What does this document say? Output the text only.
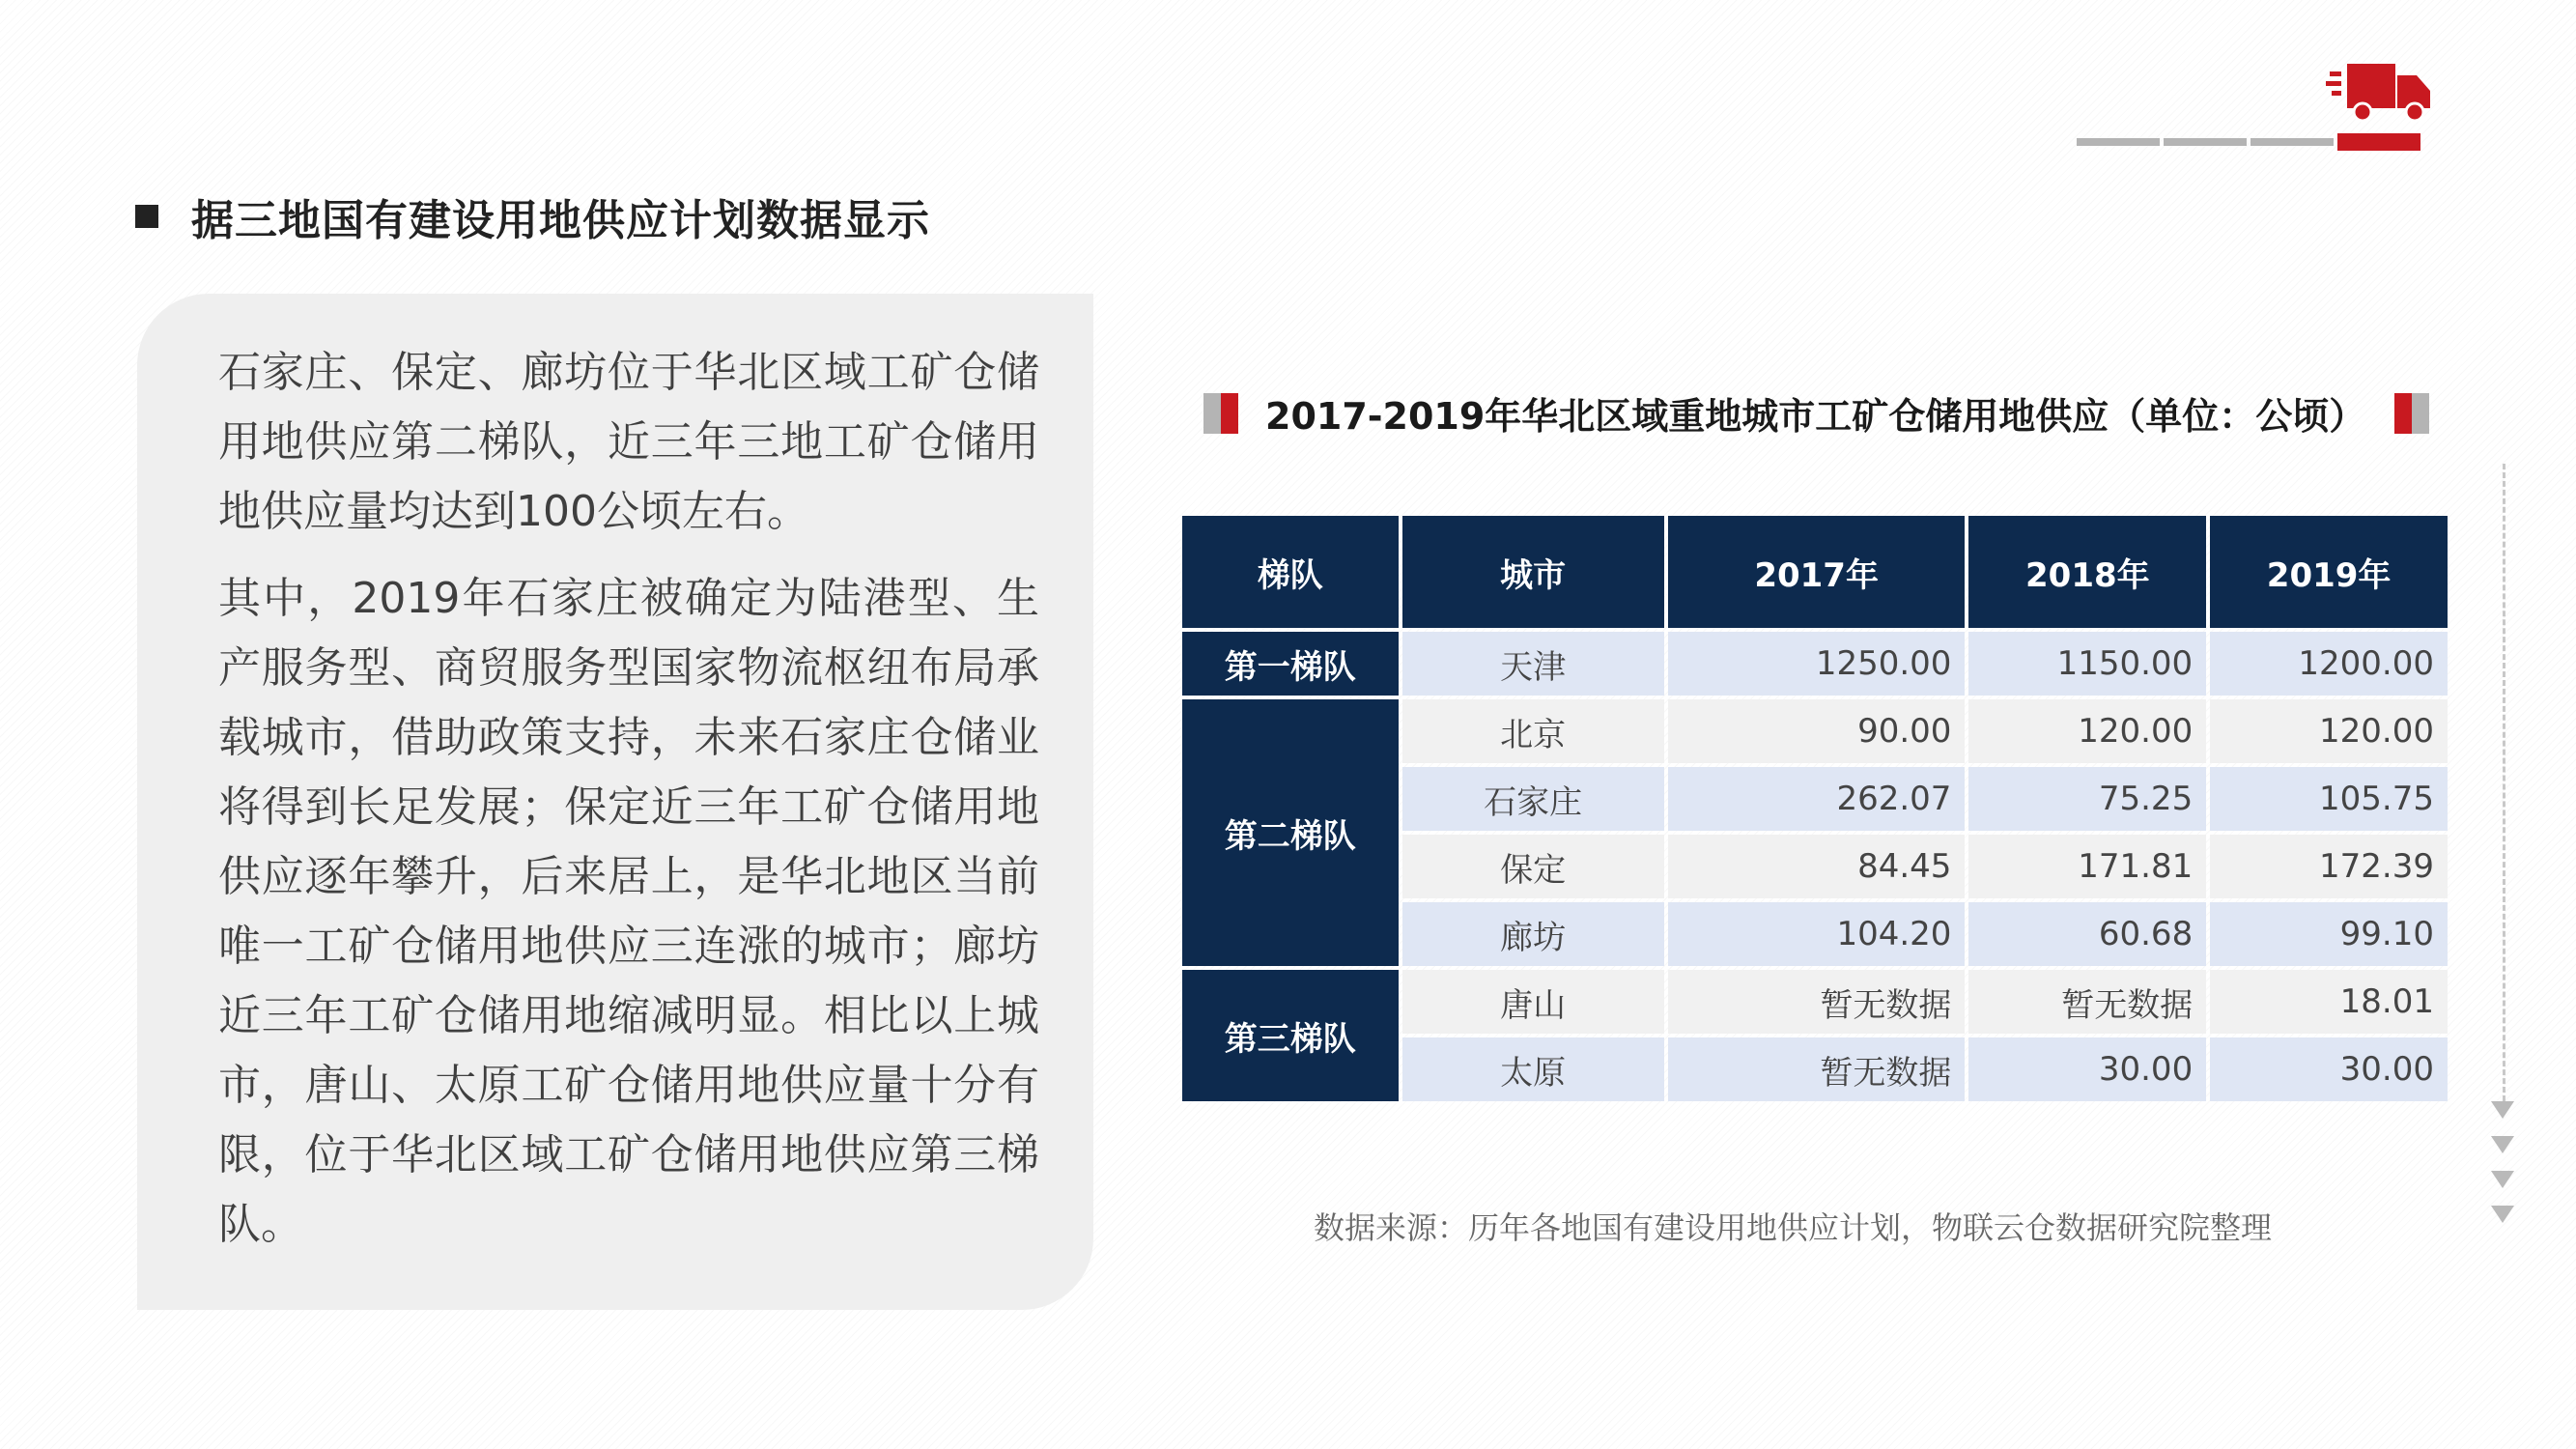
据三地国有建设用地供应计划数据显示

石家庄、保定、廊坊位于华北区域工矿仓储用地供应第二梯队，近三年三地工矿仓储用地供应量均达到100公顷左右。

其中，2019年石家庄被确定为陆港型、生产服务型、商贸服务型国家物流枢纽布局承载城市，借助政策支持，未来石家庄仓储业将得到长足发展；保定近三年工矿仓储用地供应逐年攀升，后来居上，是华北地区当前唯一工矿仓储用地供应三连涨的城市；廊坊近三年工矿仓储用地缩减明显。相比以上城市，唐山、太原工矿仓储用地供应量十分有限，位于华北区域工矿仓储用地供应第三梯队。

2017-2019年华北区域重地城市工矿仓储用地供应（单位：公顷）
梯队	城市	2017年	2018年	2019年
第一梯队	天津	1250.00	1150.00	1200.00
第二梯队	北京	90.00	120.00	120.00
	石家庄	262.07	75.25	105.75
	保定	84.45	171.81	172.39
	廊坊	104.20	60.68	99.10
第三梯队	唐山	暂无数据	暂无数据	18.01
	太原	暂无数据	30.00	30.00
数据来源：历年各地国有建设用地供应计划，物联云仓数据研究院整理
